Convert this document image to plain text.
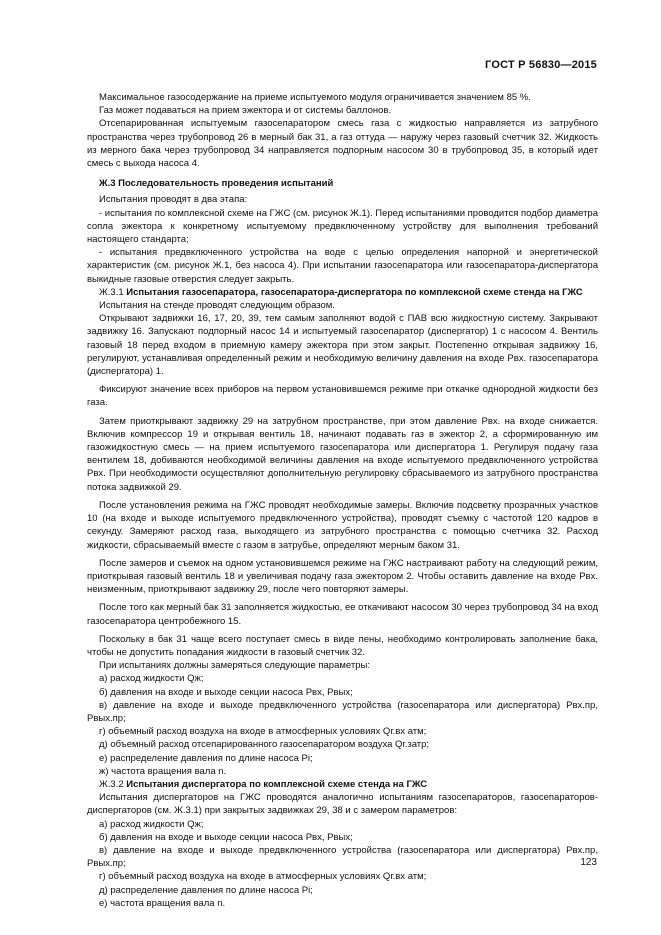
ГОСТ Р 56830—2015

Максимальное газосодержание на приеме испытуемого модуля ограничивается значением 85 %.

Газ может подаваться на прием эжектора и от системы баллонов.

Отсепарированная испытуемым газосепаратором смесь газа с жидкостью направляется из затрубного пространства через трубопровод 26 в мерный бак 31, а газ оттуда — наружу через газовый счетчик 32. Жидкость из мерного бака через трубопровод 34 направляется подпорным насосом 30 в трубопровод 35, в который идет смесь с выхода насоса 4.

Ж.3 Последовательность проведения испытаний

Испытания проводят в два этапа:

- испытания по комплексной схеме на ГЖС (см. рисунок Ж.1). Перед испытаниями проводится подбор диаметра сопла эжектора к конкретному испытуемому предвключенному устройству для выполнения требований настоящего стандарта;

- испытания предвключенного устройства на воде с целью определения напорной и энергетической характеристик (см. рисунок Ж.1, без насоса 4). При испытании газосепаратора или газосепаратора-диспергатора выкидные газовые отверстия следует закрыть.

Ж.3.1 Испытания газосепаратора, газосепаратора-диспергатора по комплексной схеме стенда на ГЖС

Испытания на стенде проводят следующим образом.

Открывают задвижки 16, 17, 20, 39, тем самым заполняют водой с ПАВ всю жидкостную систему. Закрывают задвижку 16. Запускают подпорный насос 14 и испытуемый газосепаратор (диспергатор) 1 с насосом 4. Вентиль газовый 18 перед входом в приемную камеру эжектора при этом закрыт. Постепенно открывая задвижку 16, регулируют, устанавливая определенный режим и необходимую величину давления на входе Pвх. газосепаратора (диспергатора) 1.

Фиксируют значение всех приборов на первом установившемся режиме при откачке однородной жидкости без газа.

Затем приоткрывают задвижку 29 на затрубном пространстве, при этом давление Pвх. на входе снижается. Включив компрессор 19 и открывая вентиль 18, начинают подавать газ в эжектор 2, а сформированную им газожидкостную смесь — на прием испытуемого газосепаратора или диспергатора 1. Регулируя подачу газа вентилем 18, добиваются необходимой величины давления на входе испытуемого предвключенного устройства Pвх. При необходимости осуществляют дополнительную регулировку сбрасываемого из затрубного пространства потока задвижкой 29.

После установления режима на ГЖС проводят необходимые замеры. Включив подсветку прозрачных участков 10 (на входе и выходе испытуемого предвключенного устройства), проводят съемку с частотой 120 кадров в секунду. Замеряют расход газа, выходящего из затрубного пространства с помощью счетчика 32. Расход жидкости, сбрасываемый вместе с газом в затрубье, определяют мерным баком 31.

После замеров и съемок на одном установившемся режиме на ГЖС настраивают работу на следующий режим, приоткрывая газовый вентиль 18 и увеличивая подачу газа эжектором 2. Чтобы оставить давление на входе Pвх. неизменным, приоткрывают задвижку 29, после чего повторяют замеры.

После того как мерный бак 31 заполняется жидкостью, ее откачивают насосом 30 через трубопровод 34 на вход газосепаратора центробежного 15.

Поскольку в бак 31 чаще всего поступает смесь в виде пены, необходимо контролировать заполнение бака, чтобы не допустить попадания жидкости в газовый счетчик 32.

При испытаниях должны замеряться следующие параметры:

а) расход жидкости Qж;

б) давления на входе и выходе секции насоса Pвх, Pвых;

в) давление на входе и выходе предвключенного устройства (газосепаратора или диспергатора) Pвх.пр, Pвых.пр;

г) объемный расход воздуха на входе в атмосферных условиях Qг.вх атм;

д) объемный расход отсепарированного газосепаратором воздуха Qг.затр;

е) распределение давления по длине насоса Pi;

ж) частота вращения вала n.

Ж.3.2 Испытания диспергатора по комплексной схеме стенда на ГЖС

Испытания диспергаторов на ГЖС проводятся аналогично испытаниям газосепараторов, газосепараторов-диспергаторов (см. Ж.3.1) при закрытых задвижках 29, 38 и с замером параметров:

а) расход жидкости Qж;

б) давления на входе и выходе секции насоса Pвх, Pвых;

в) давление на входе и выходе предвключенного устройства (газосепаратора или диспергатора) Pвх.пр, Pвых.пр;

г) объемный расход воздуха на входе в атмосферных условиях Qг.вх атм;

д) распределение давления по длине насоса Pi;

е) частота вращения вала n.

123
